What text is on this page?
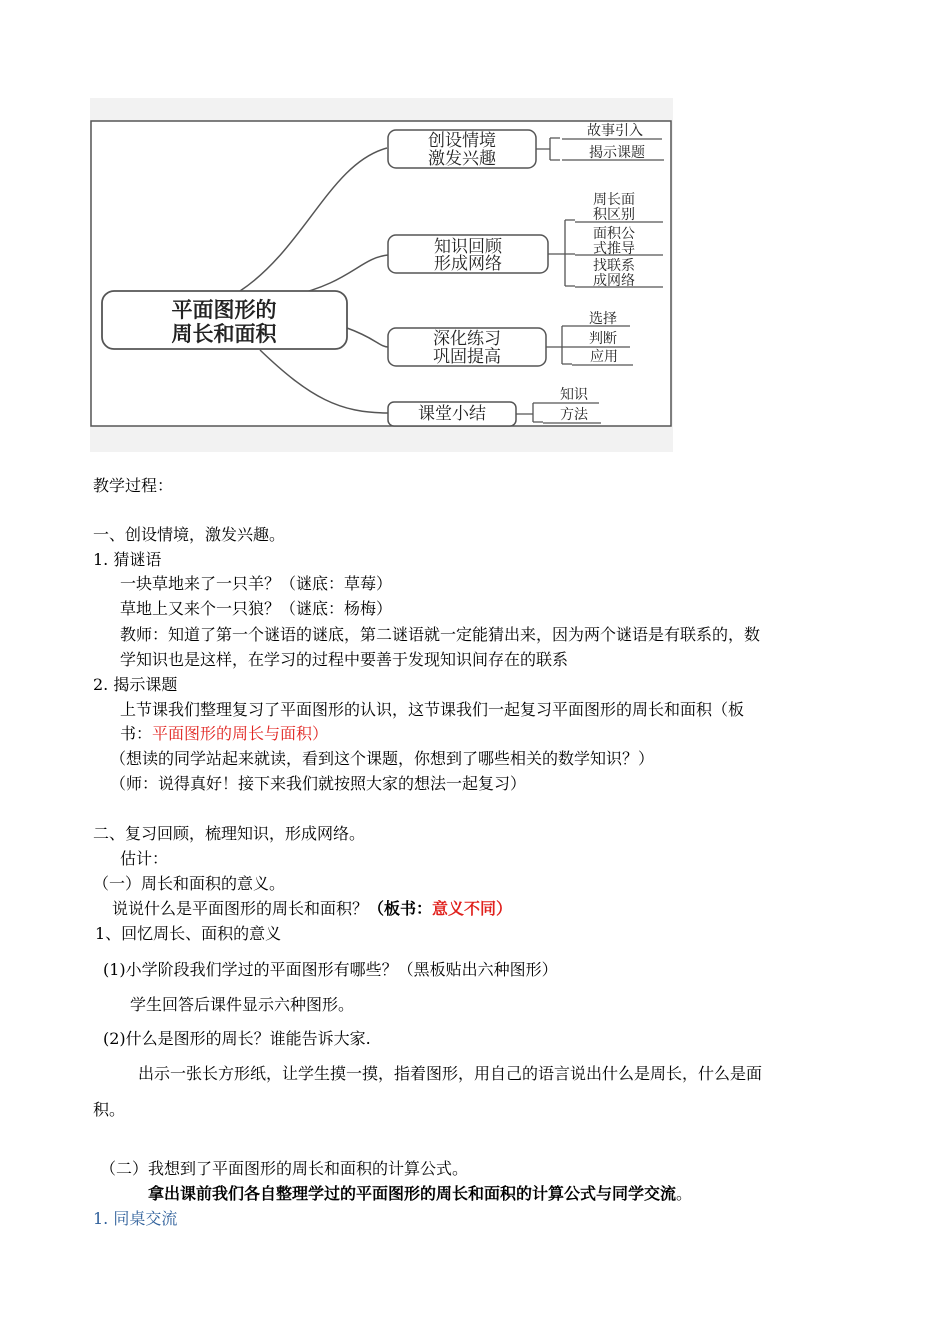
平面图形的
周长和面积
创设情境
激发兴趣
故事引入
揭示课题
知识回顾
形成网络
周长面
积区别
面积公
式推导
找联系
成网络
深化练习
巩固提高
选择
判断
应用
课堂小结
知识
方法
教学过程：
一、创设情境，激发兴趣。
1. 猜谜语
一块草地来了一只羊？（谜底：草莓）
草地上又来个一只狼？（谜底：杨梅）
教师：知道了第一个谜语的谜底，第二谜语就一定能猜出来，因为两个谜语是有联系的，数
学知识也是这样，在学习的过程中要善于发现知识间存在的联系
2. 揭示课题
上节课我们整理复习了平面图形的认识，这节课我们一起复习平面图形的周长和面积（板
书：平面图形的周长与面积）
（想读的同学站起来就读，看到这个课题，你想到了哪些相关的数学知识？）
（师：说得真好！接下来我们就按照大家的想法一起复习）
二、复习回顾，梳理知识，形成网络。
估计：
（一）周长和面积的意义。
说说什么是平面图形的周长和面积？（板书：意义不同）
1、回忆周长、面积的意义
(1)小学阶段我们学过的平面图形有哪些？（黑板贴出六种图形）
学生回答后课件显示六种图形。
(2)什么是图形的周长？谁能告诉大家.
出示一张长方形纸，让学生摸一摸，指着图形，用自己的语言说出什么是周长，什么是面
积。
（二）我想到了平面图形的周长和面积的计算公式。
拿出课前我们各自整理学过的平面图形的周长和面积的计算公式与同学交流。
1. 同桌交流
